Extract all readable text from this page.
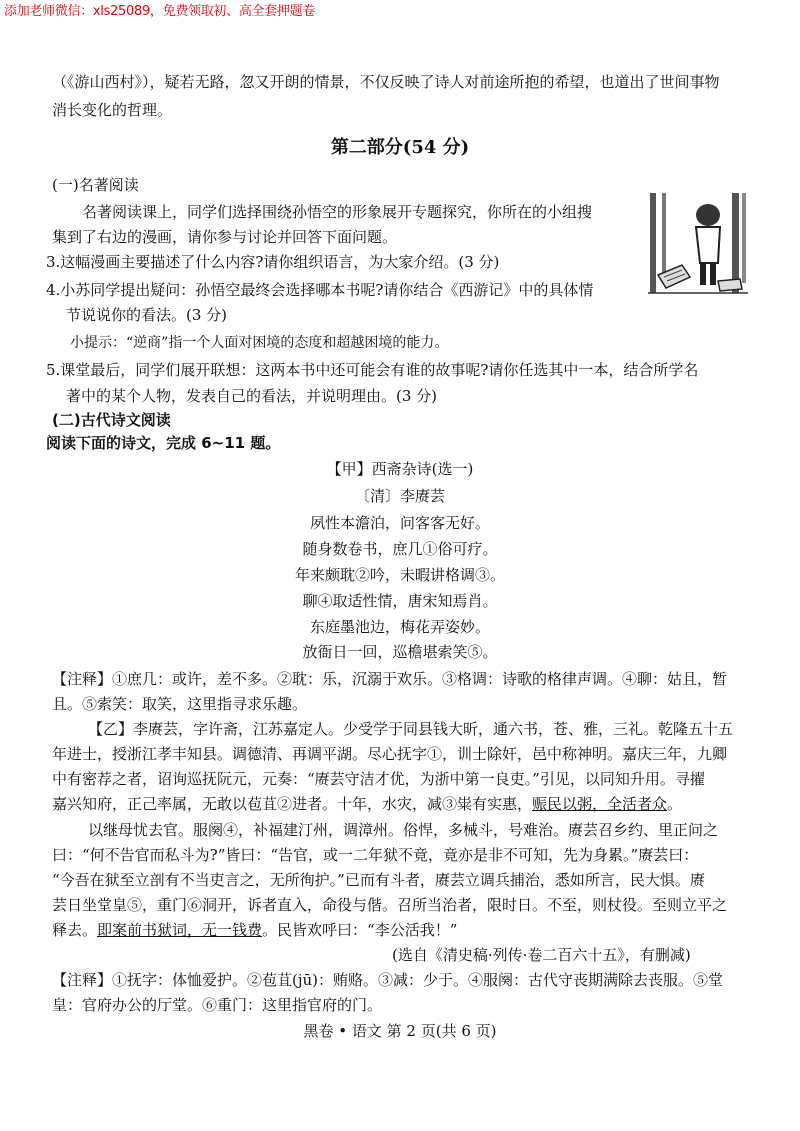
添加老师微信：xls25089，免费领取初、高全套押题卷

（《游山西村》），疑若无路，忽又开朗的情景，不仅反映了诗人对前途所抱的希望，也道出了世间事物

消长变化的哲理。

第二部分(54 分)

(一)名著阅读

名著阅读课上，同学们选择围绕孙悟空的形象展开专题探究，你所在的小组搜

集到了右边的漫画，请你参与讨论并回答下面问题。

3.这幅漫画主要描述了什么内容?请你组织语言，为大家介绍。(3 分)

4.小苏同学提出疑问：孙悟空最终会选择哪本书呢?请你结合《西游记》中的具体情

节说说你的看法。(3 分)

小提示：“逆商”指一个人面对困境的态度和超越困境的能力。

5.课堂最后，同学们展开联想：这两本书中还可能会有谁的故事呢?请你任选其中一本，结合所学名

著中的某个人物，发表自己的看法，并说明理由。(3 分)

(二)古代诗文阅读

阅读下面的诗文，完成 6~11 题。

【甲】西斋杂诗(选一)
〔清〕李赓芸
夙性本澹泊，问客客无好。
随身数卷书，庶几①俗可疗。
年来颇耽②吟，未暇讲格调③。
聊④取适性情，唐宋知焉肖。
东庭墨池边，梅花弄姿妙。
放衙日一回，巡檐堪索笑⑤。

【注释】①庶几：或许，差不多。②耽：乐，沉溺于欢乐。③格调：诗歌的格律声调。④聊：姑且，暂

且。⑤索笑：取笑，这里指寻求乐趣。

【乙】李赓芸，字许斋，江苏嘉定人。少受学于同县钱大昕，通六书，苍、雅，三礼。乾隆五十五

年进士，授浙江孝丰知县。调德清、再调平湖。尽心抚字①，训士除奸，邑中称神明。嘉庆三年，九卿

中有密荐之者，诏询巡抚阮元，元奏：“赓芸守洁才优，为浙中第一良吏。”引见，以同知升用。寻擢

嘉兴知府，正己率属，无敢以苞苴②进者。十年，水灾，减③粜有实惠，赈民以粥，全活者众。

以继母忧去官。服阕④，补福建汀州，调漳州。俗悍，多械斗，号难治。赓芸召乡约、里正问之

曰：“何不告官而私斗为?”皆曰：“告官，或一二年狱不竟，竟亦是非不可知，先为身累。”赓芸曰：

“今吾在狱至立剖有不当吏言之，无所徇护。”已而有斗者，赓芸立调兵捕治，悉如所言，民大惧。赓

芸日坐堂皇⑤，重门⑥洞开，诉者直入，命役与偕。召所当治者，限时日。不至，则杖役。至则立平之

释去。即案前书狱词，无一钱费。民皆欢呼曰：“李公活我！”

(选自《清史稿·列传·卷二百六十五》，有删减)

【注释】①抚字：体恤爱护。②苞苴(jū)：贿赂。③减：少于。④服阕：古代守丧期满除去丧服。⑤堂

皇：官府办公的厅堂。⑥重门：这里指官府的门。

黑卷 • 语文 第 2 页(共 6 页)
